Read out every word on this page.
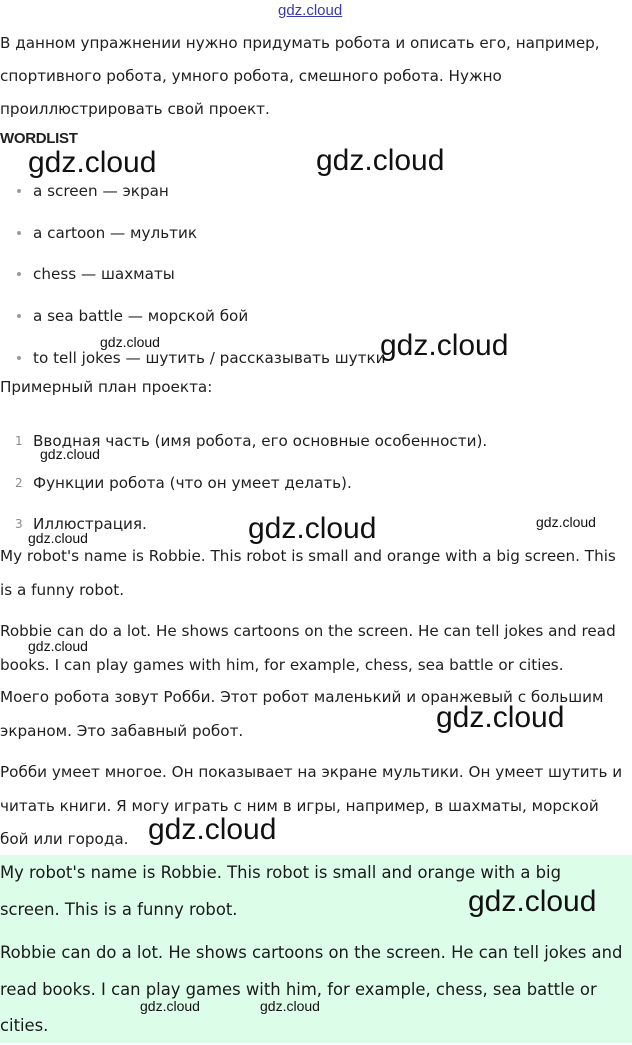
gdz.cloud

В данном упражнении нужно придумать робота и описать его, например, спортивного робота, умного робота, смешного робота. Нужно проиллюстрировать свой проект.

WORDLIST
a screen — экран
a cartoon — мультик
chess — шахматы
a sea battle — морской бой
to tell jokes — шутить / рассказывать шутки

Примерный план проекта:

1 Вводная часть (имя робота, его основные особенности).
2 Функции робота (что он умеет делать).
3 Иллюстрация.

My robot's name is Robbie. This robot is small and orange with a big screen. This is a funny robot.

Robbie can do a lot. He shows cartoons on the screen. He can tell jokes and read books. I can play games with him, for example, chess, sea battle or cities.

Моего робота зовут Робби. Этот робот маленький и оранжевый с большим экраном. Это забавный робот.

Робби умеет многое. Он показывает на экране мультики. Он умеет шутить и читать книги. Я могу играть с ним в игры, например, в шахматы, морской бой или города.

My robot's name is Robbie. This robot is small and orange with a big screen. This is a funny robot.

Robbie can do a lot. He shows cartoons on the screen. He can tell jokes and read books. I can play games with him, for example, chess, sea battle or cities.

gdz.cloud	gdz.cloud
gdz.cloud	gdz.cloud
gdz.cloud
gdz.cloud
gdz.cloud
gdz.cloud
gdz.cloud
gdz.cloud
gdz.cloud
gdz.cloud
gdz.cloud	gdz.cloud
